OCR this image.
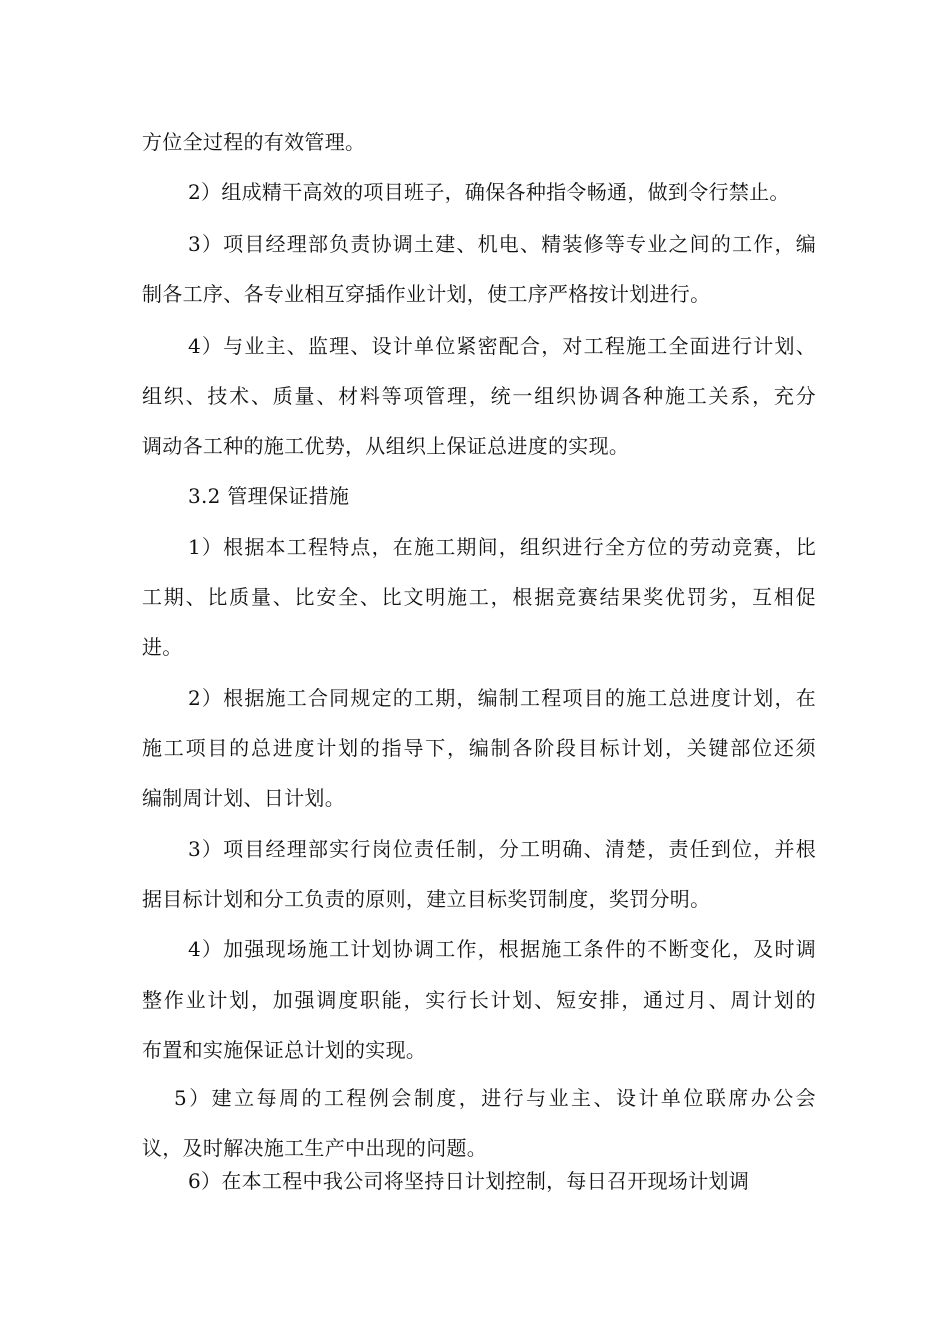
方位全过程的有效管理。
2）组成精干高效的项目班子，确保各种指令畅通，做到令行禁止。
3）项目经理部负责协调土建、机电、精装修等专业之间的工作，编
制各工序、各专业相互穿插作业计划，使工序严格按计划进行。
4）与业主、监理、设计单位紧密配合，对工程施工全面进行计划、
组织、技术、质量、材料等项管理，统一组织协调各种施工关系，充分
调动各工种的施工优势，从组织上保证总进度的实现。
3.2 管理保证措施
1）根据本工程特点，在施工期间，组织进行全方位的劳动竞赛，比
工期、比质量、比安全、比文明施工，根据竞赛结果奖优罚劣，互相促
进。
2）根据施工合同规定的工期，编制工程项目的施工总进度计划，在
施工项目的总进度计划的指导下，编制各阶段目标计划，关键部位还须
编制周计划、日计划。
3）项目经理部实行岗位责任制，分工明确、清楚，责任到位，并根
据目标计划和分工负责的原则，建立目标奖罚制度，奖罚分明。
4）加强现场施工计划协调工作，根据施工条件的不断变化，及时调
整作业计划，加强调度职能，实行长计划、短安排，通过月、周计划的
布置和实施保证总计划的实现。
5）建立每周的工程例会制度，进行与业主、设计单位联席办公会
议，及时解决施工生产中出现的问题。
6）在本工程中我公司将坚持日计划控制，每日召开现场计划调
